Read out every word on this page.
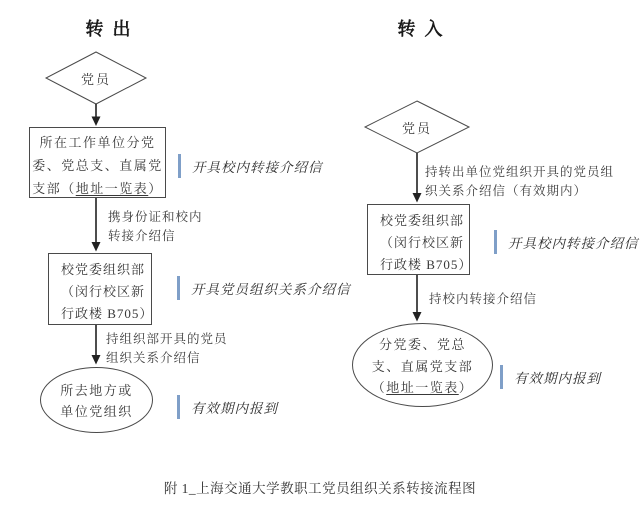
转 出	转 入
党员
所在工作单位分党
委、党总支、直属党
支部（地址一览表）
开具校内转接介绍信
携身份证和校内
转接介绍信
校党委组织部
（闵行校区新
行政楼 B705）
开具党员组织关系介绍信
持组织部开具的党员
组织关系介绍信
所去地方或
单位党组织	有效期内报到
党员
持转出单位党组织开具的党员组
织关系介绍信（有效期内）
校党委组织部
（闵行校区新
行政楼 B705）
开具校内转接介绍信
持校内转接介绍信
分党委、党总
支、直属党支部
（地址一览表）
有效期内报到
附 1_上海交通大学教职工党员组织关系转接流程图
